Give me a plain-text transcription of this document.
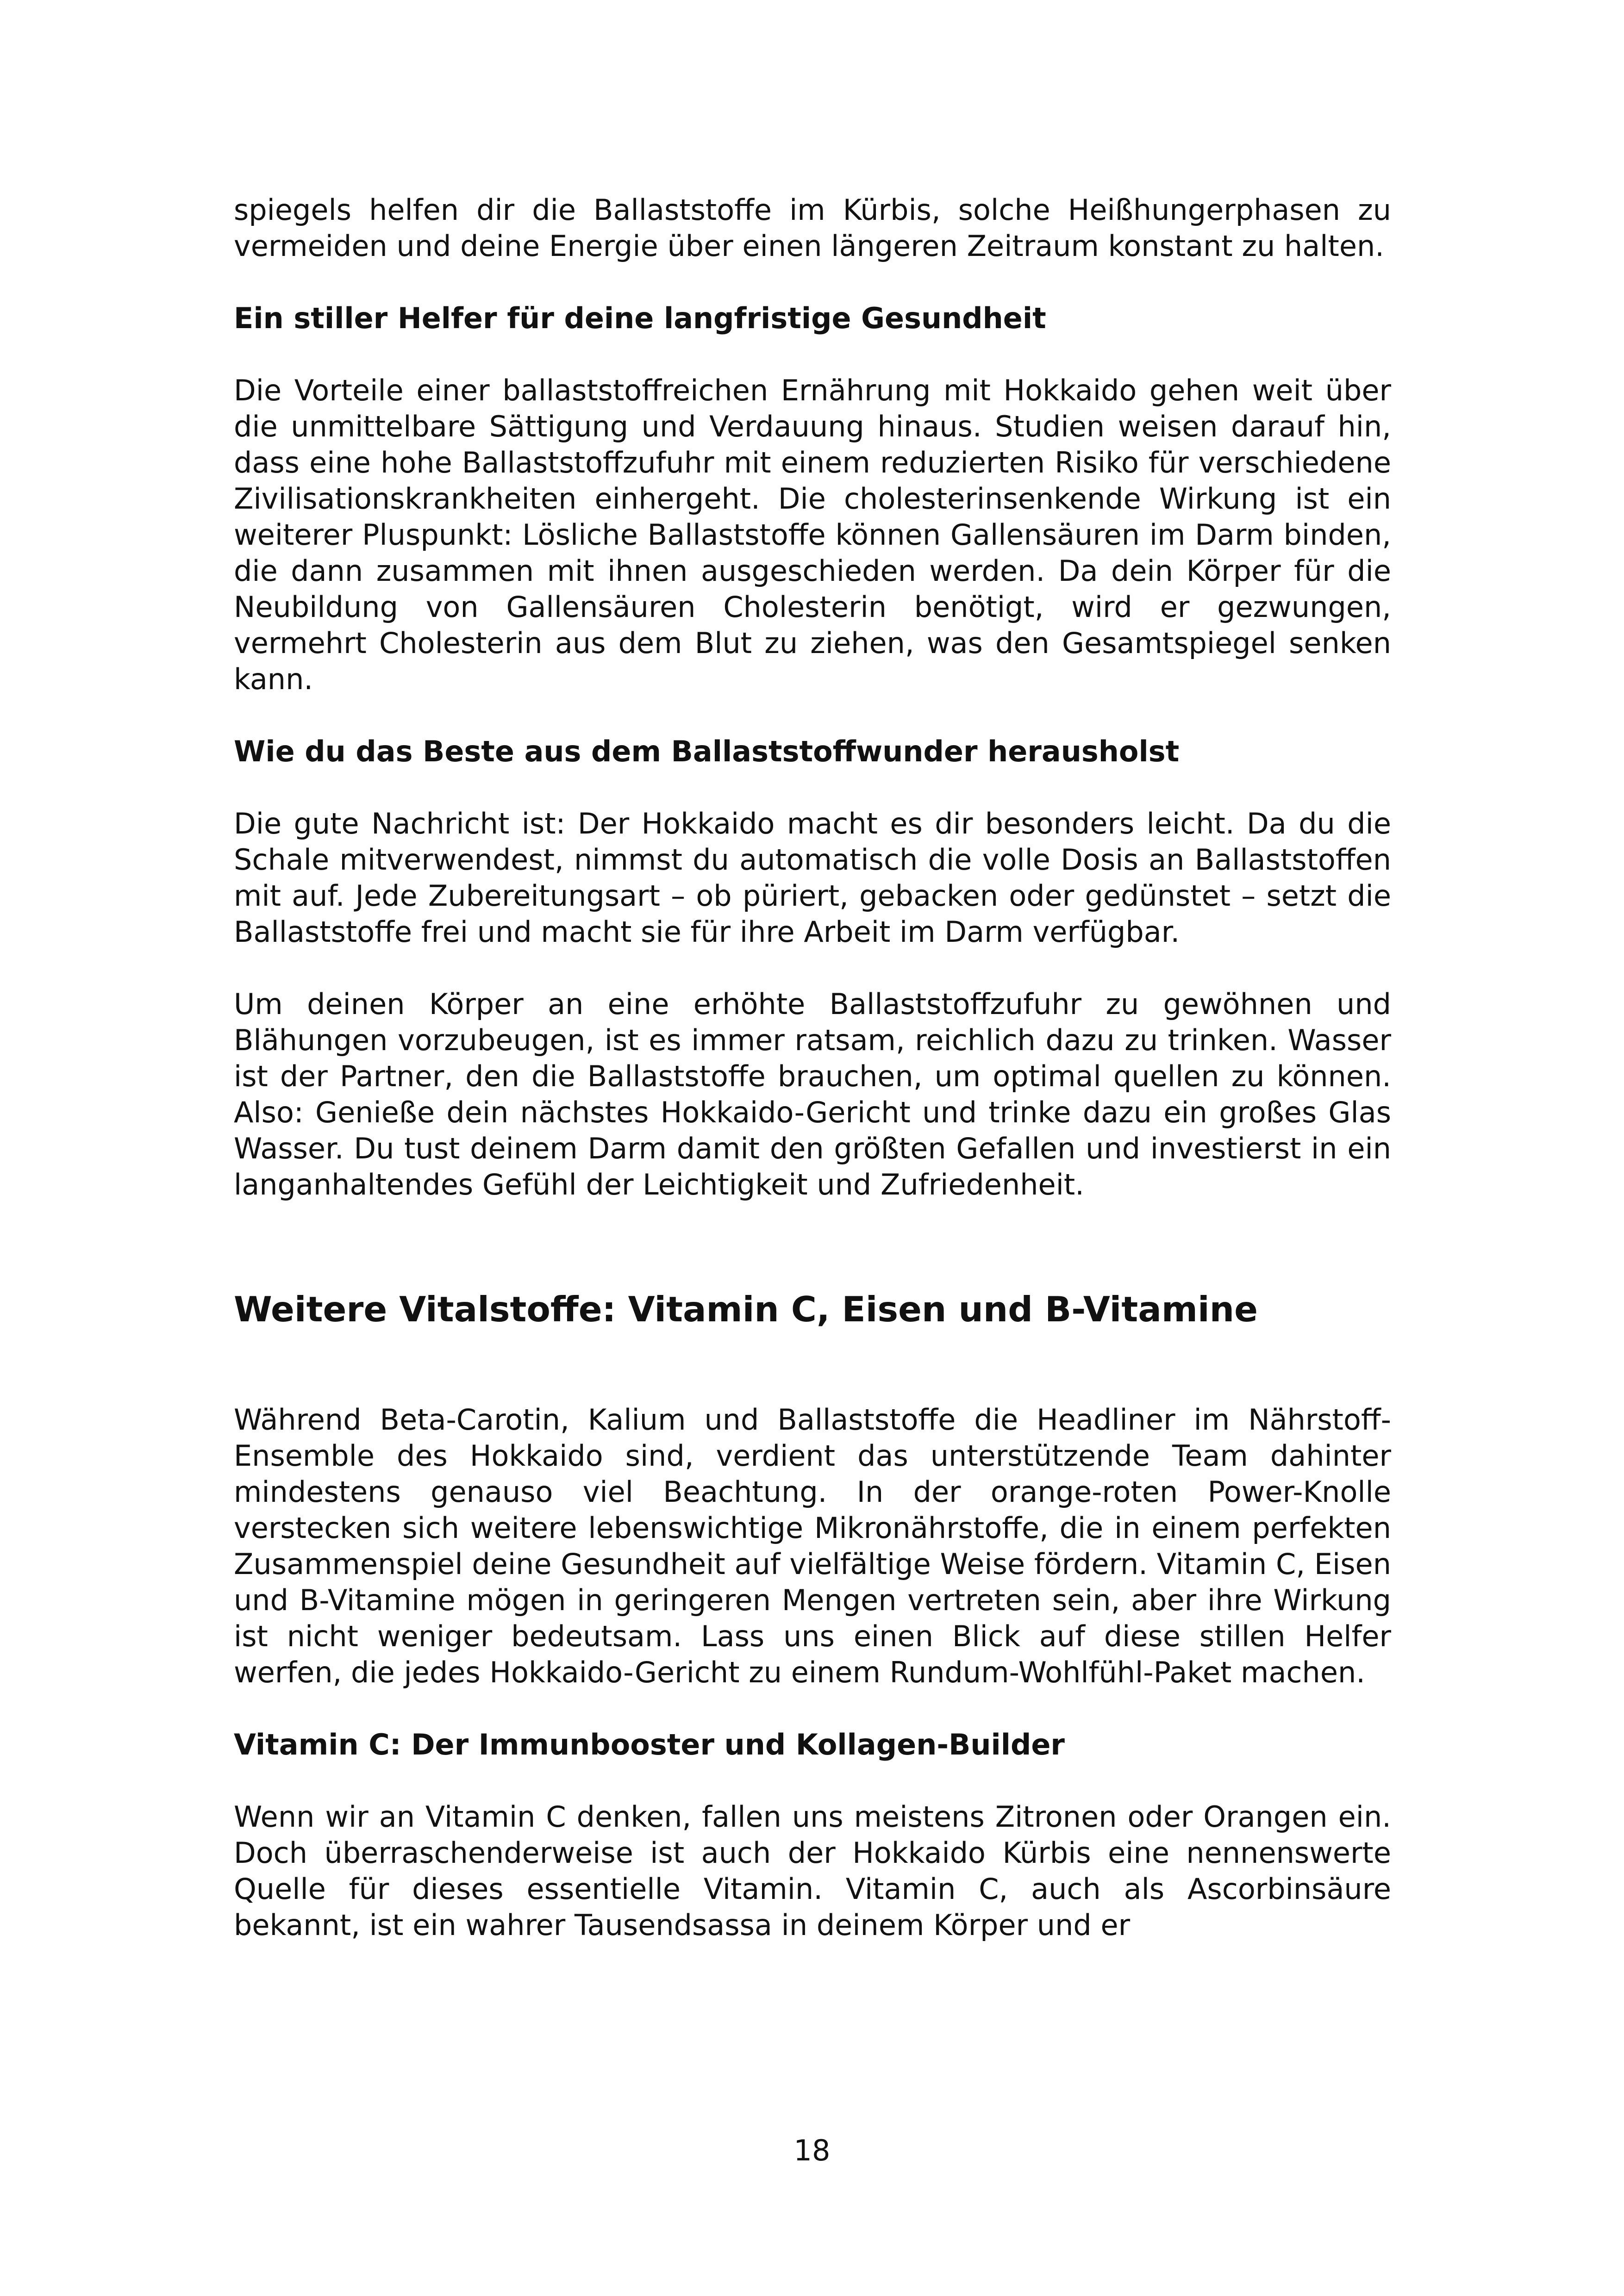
spiegels helfen dir die Ballaststoffe im Kürbis, solche Heißhungerphasen zu vermeiden und deine Energie über einen längeren Zeitraum konstant zu halten.

Ein stiller Helfer für deine langfristige Gesundheit

Die Vorteile einer ballaststoffreichen Ernährung mit Hokkaido gehen weit über die unmittelbare Sättigung und Verdauung hinaus. Studien weisen darauf hin, dass eine hohe Ballaststoffzufuhr mit einem reduzierten Risiko für verschiedene Zivilisationskrankheiten einhergeht. Die cholesterinsenkende Wirkung ist ein weiterer Pluspunkt: Lösliche Ballaststoffe können Gallensäuren im Darm binden, die dann zusammen mit ihnen ausgeschieden werden. Da dein Körper für die Neubildung von Gallensäuren Cholesterin benötigt, wird er gezwungen, vermehrt Cholesterin aus dem Blut zu ziehen, was den Gesamtspiegel senken kann.

Wie du das Beste aus dem Ballaststoffwunder herausholst

Die gute Nachricht ist: Der Hokkaido macht es dir besonders leicht. Da du die Schale mitverwendest, nimmst du automatisch die volle Dosis an Ballaststoffen mit auf. Jede Zubereitungsart – ob püriert, gebacken oder gedünstet – setzt die Ballaststoffe frei und macht sie für ihre Arbeit im Darm verfügbar.

Um deinen Körper an eine erhöhte Ballaststoffzufuhr zu gewöhnen und Blähungen vorzubeugen, ist es immer ratsam, reichlich dazu zu trinken. Wasser ist der Partner, den die Ballaststoffe brauchen, um optimal quellen zu können. Also: Genieße dein nächstes Hokkaido-Gericht und trinke dazu ein großes Glas Wasser. Du tust deinem Darm damit den größten Gefallen und investierst in ein langanhaltendes Gefühl der Leichtigkeit und Zufriedenheit.

Weitere Vitalstoffe: Vitamin C, Eisen und B-Vitamine

Während Beta-Carotin, Kalium und Ballaststoffe die Headliner im Nährstoff-Ensemble des Hokkaido sind, verdient das unterstützende Team dahinter mindestens genauso viel Beachtung. In der orange-roten Power-Knolle verstecken sich weitere lebenswichtige Mikronährstoffe, die in einem perfekten Zusammenspiel deine Gesundheit auf vielfältige Weise fördern. Vitamin C, Eisen und B-Vitamine mögen in geringeren Mengen vertreten sein, aber ihre Wirkung ist nicht weniger bedeutsam. Lass uns einen Blick auf diese stillen Helfer werfen, die jedes Hokkaido-Gericht zu einem Rundum-Wohlfühl-Paket machen.

Vitamin C: Der Immunbooster und Kollagen-Builder

Wenn wir an Vitamin C denken, fallen uns meistens Zitronen oder Orangen ein. Doch überraschenderweise ist auch der Hokkaido Kürbis eine nennenswerte Quelle für dieses essentielle Vitamin. Vitamin C, auch als Ascorbinsäure bekannt, ist ein wahrer Tausendsassa in deinem Körper und er

18
